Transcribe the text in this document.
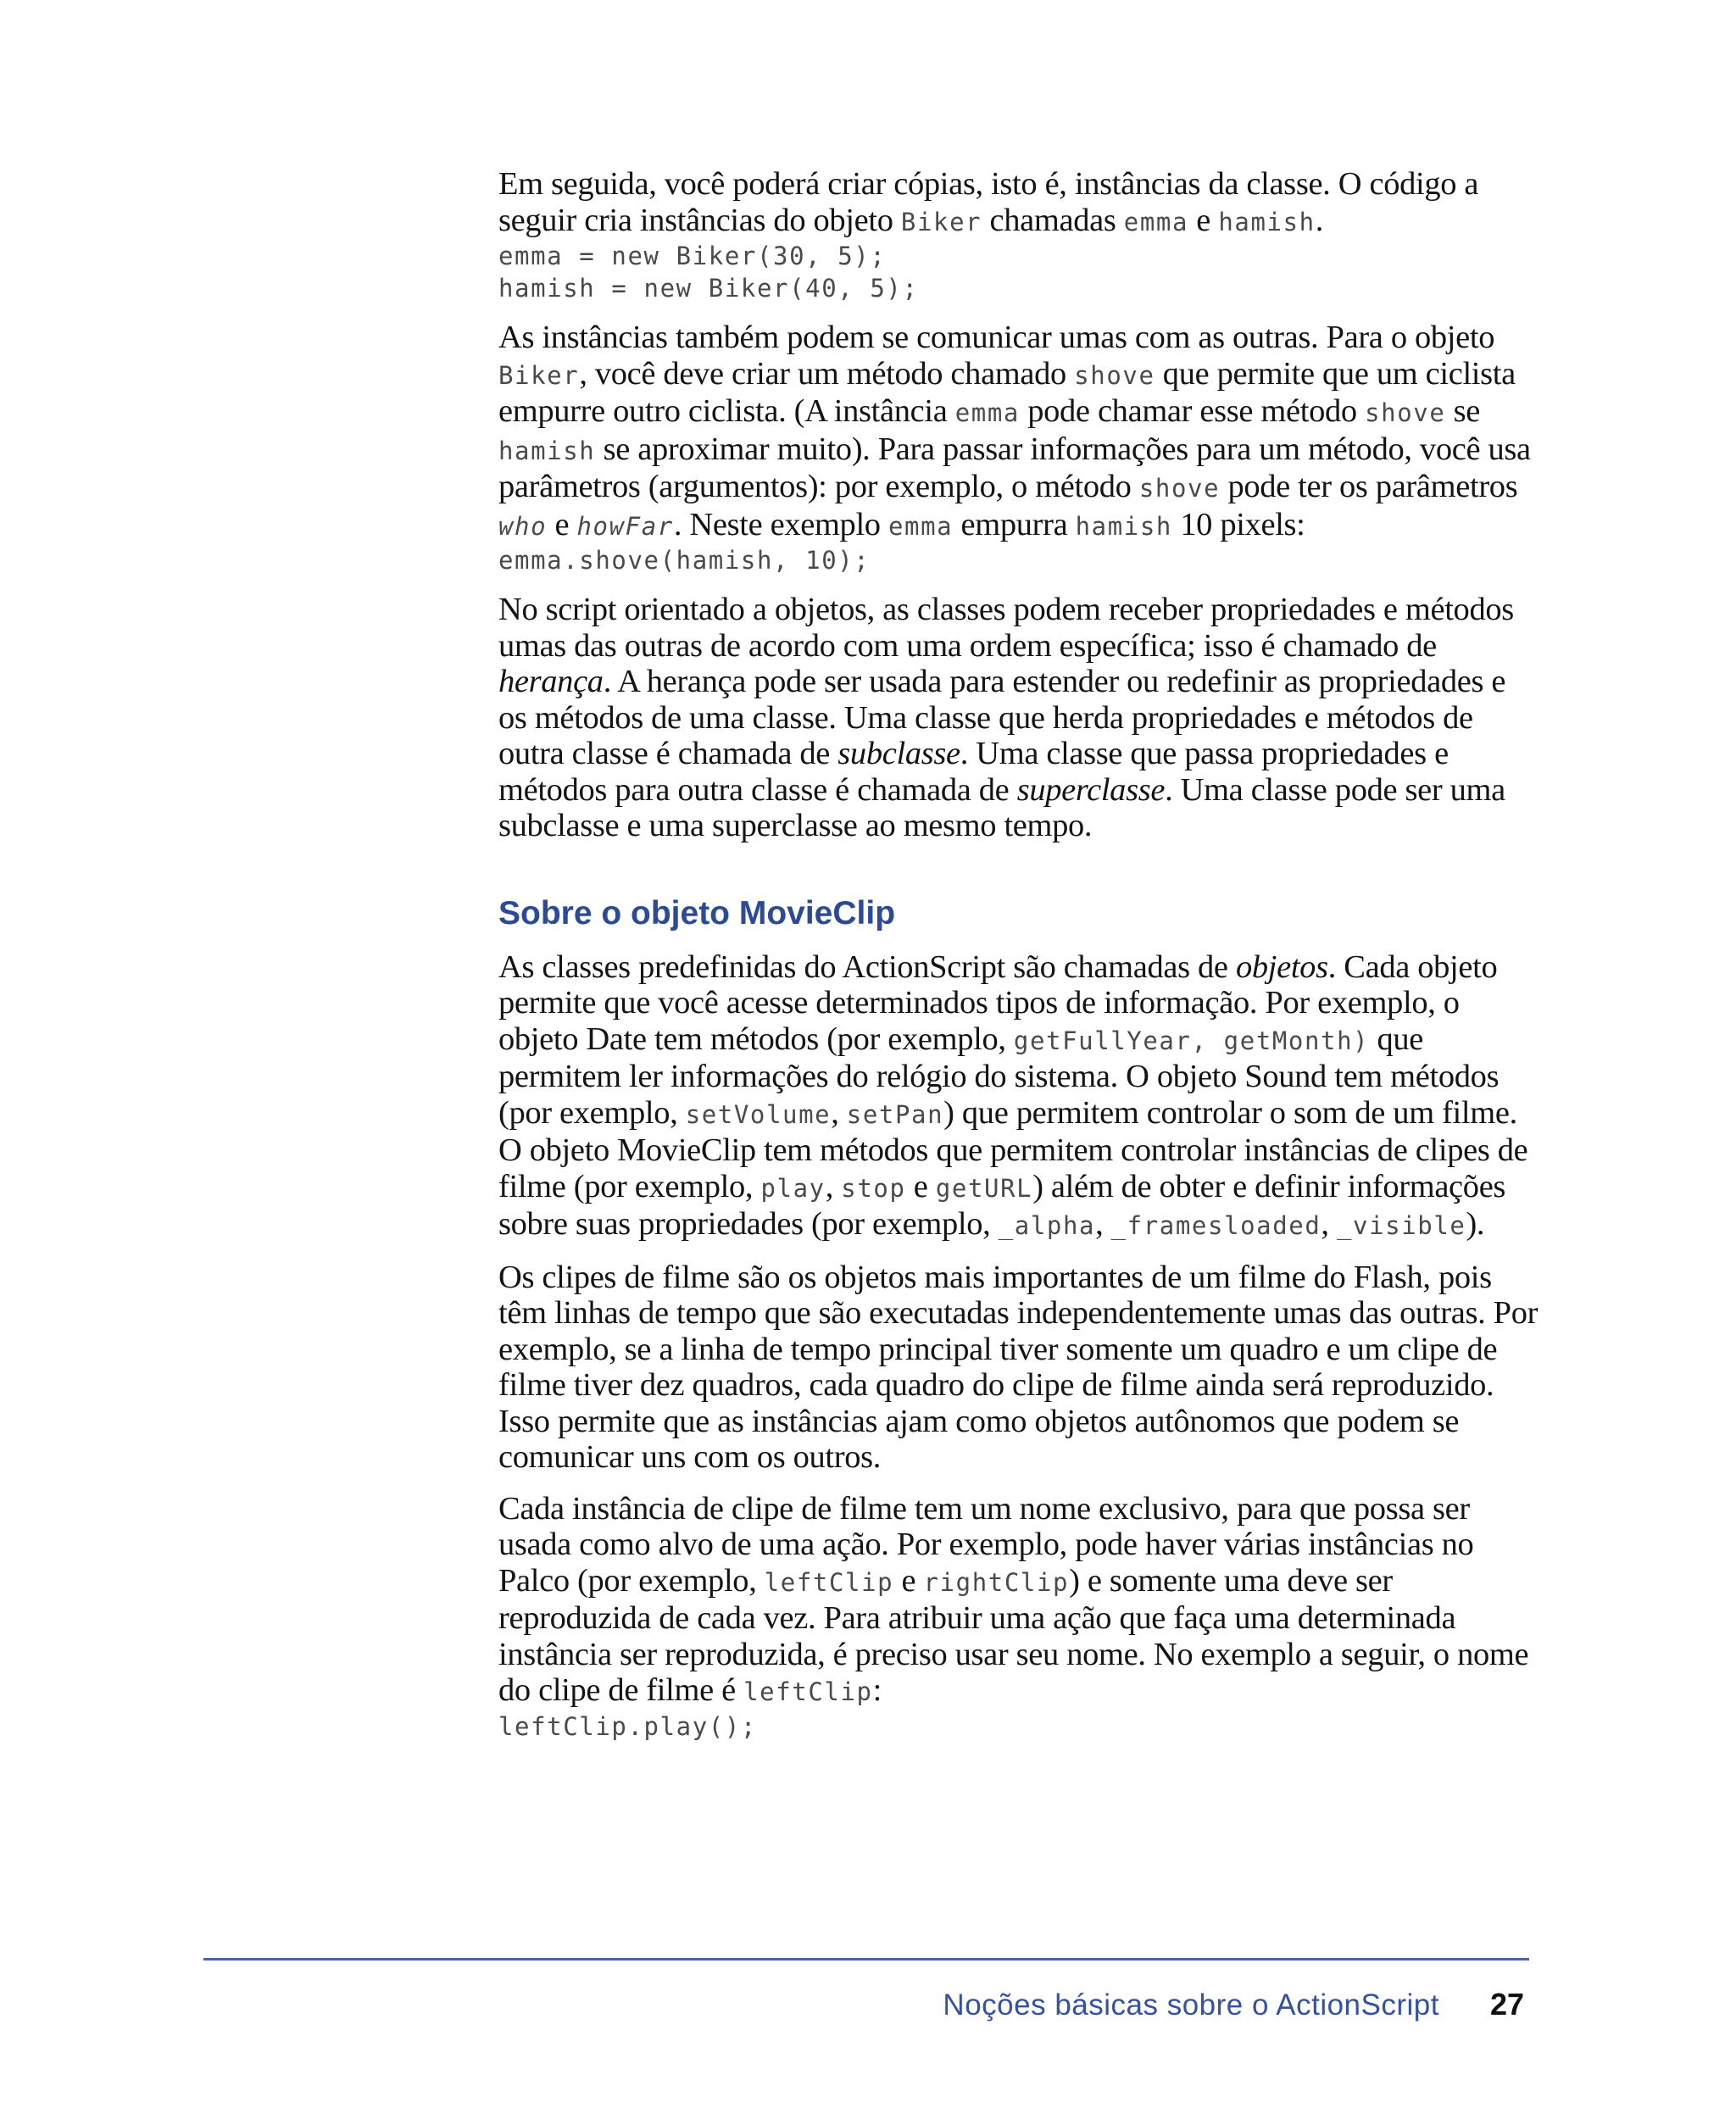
Em seguida, você poderá criar cópias, isto é, instâncias da classe. O código a seguir cria instâncias do objeto Biker chamadas emma e hamish.

emma = new Biker(30, 5);
hamish = new Biker(40, 5);

As instâncias também podem se comunicar umas com as outras. Para o objeto Biker, você deve criar um método chamado shove que permite que um ciclista empurre outro ciclista. (A instância emma pode chamar esse método shove se hamish se aproximar muito). Para passar informações para um método, você usa parâmetros (argumentos): por exemplo, o método shove pode ter os parâmetros who e howFar. Neste exemplo emma empurra hamish 10 pixels:

emma.shove(hamish, 10);

No script orientado a objetos, as classes podem receber propriedades e métodos umas das outras de acordo com uma ordem específica; isso é chamado de herança. A herança pode ser usada para estender ou redefinir as propriedades e os métodos de uma classe. Uma classe que herda propriedades e métodos de outra classe é chamada de subclasse. Uma classe que passa propriedades e métodos para outra classe é chamada de superclasse. Uma classe pode ser uma subclasse e uma superclasse ao mesmo tempo.

Sobre o objeto MovieClip

As classes predefinidas do ActionScript são chamadas de objetos. Cada objeto permite que você acesse determinados tipos de informação. Por exemplo, o objeto Date tem métodos (por exemplo, getFullYear, getMonth) que permitem ler informações do relógio do sistema. O objeto Sound tem métodos (por exemplo, setVolume, setPan) que permitem controlar o som de um filme. O objeto MovieClip tem métodos que permitem controlar instâncias de clipes de filme (por exemplo, play, stop e getURL) além de obter e definir informações sobre suas propriedades (por exemplo, _alpha, _framesloaded, _visible).

Os clipes de filme são os objetos mais importantes de um filme do Flash, pois têm linhas de tempo que são executadas independentemente umas das outras. Por exemplo, se a linha de tempo principal tiver somente um quadro e um clipe de filme tiver dez quadros, cada quadro do clipe de filme ainda será reproduzido. Isso permite que as instâncias ajam como objetos autônomos que podem se comunicar uns com os outros.

Cada instância de clipe de filme tem um nome exclusivo, para que possa ser usada como alvo de uma ação. Por exemplo, pode haver várias instâncias no Palco (por exemplo, leftClip e rightClip) e somente uma deve ser reproduzida de cada vez. Para atribuir uma ação que faça uma determinada instância ser reproduzida, é preciso usar seu nome. No exemplo a seguir, o nome do clipe de filme é leftClip:

leftClip.play();
Noções básicas sobre o ActionScript 27
